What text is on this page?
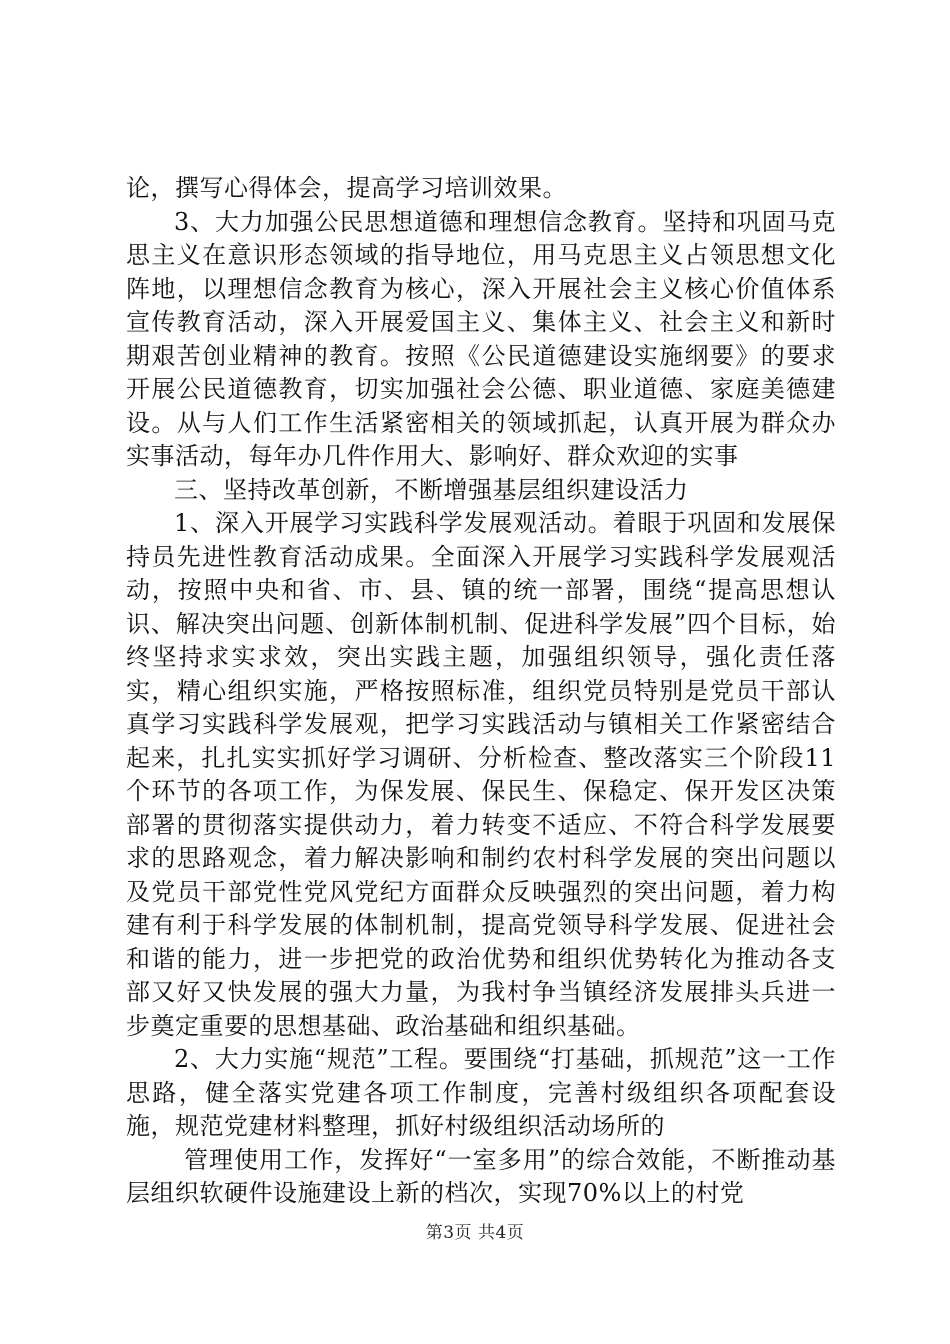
论，撰写心得体会，提高学习培训效果。

3、大力加强公民思想道德和理想信念教育。坚持和巩固马克思主义在意识形态领域的指导地位，用马克思主义占领思想文化阵地，以理想信念教育为核心，深入开展社会主义核心价值体系宣传教育活动，深入开展爱国主义、集体主义、社会主义和新时期艰苦创业精神的教育。按照《公民道德建设实施纲要》的要求开展公民道德教育，切实加强社会公德、职业道德、家庭美德建设。从与人们工作生活紧密相关的领域抓起，认真开展为群众办实事活动，每年办几件作用大、影响好、群众欢迎的实事

三、坚持改革创新，不断增强基层组织建设活力

1、深入开展学习实践科学发展观活动。着眼于巩固和发展保持员先进性教育活动成果。全面深入开展学习实践科学发展观活动，按照中央和省、市、县、镇的统一部署，围绕“提高思想认识、解决突出问题、创新体制机制、促进科学发展”四个目标，始终坚持求实求效，突出实践主题，加强组织领导，强化责任落实，精心组织实施，严格按照标准，组织党员特别是党员干部认真学习实践科学发展观，把学习实践活动与镇相关工作紧密结合起来，扎扎实实抓好学习调研、分析检查、整改落实三个阶段11个环节的各项工作，为保发展、保民生、保稳定、保开发区决策部署的贯彻落实提供动力，着力转变不适应、不符合科学发展要求的思路观念，着力解决影响和制约农村科学发展的突出问题以及党员干部党性党风党纪方面群众反映强烈的突出问题，着力构建有利于科学发展的体制机制，提高党领导科学发展、促进社会和谐的能力，进一步把党的政治优势和组织优势转化为推动各支部又好又快发展的强大力量，为我村争当镇经济发展排头兵进一步奠定重要的思想基础、政治基础和组织基础。

2、大力实施“规范”工程。要围绕“打基础，抓规范”这一工作思路，健全落实党建各项工作制度，完善村级组织各项配套设施，规范党建材料整理，抓好村级组织活动场所的

管理使用工作，发挥好“一室多用”的综合效能，不断推动基层组织软硬件设施建设上新的档次，实现70%以上的村党

第3页 共4页
